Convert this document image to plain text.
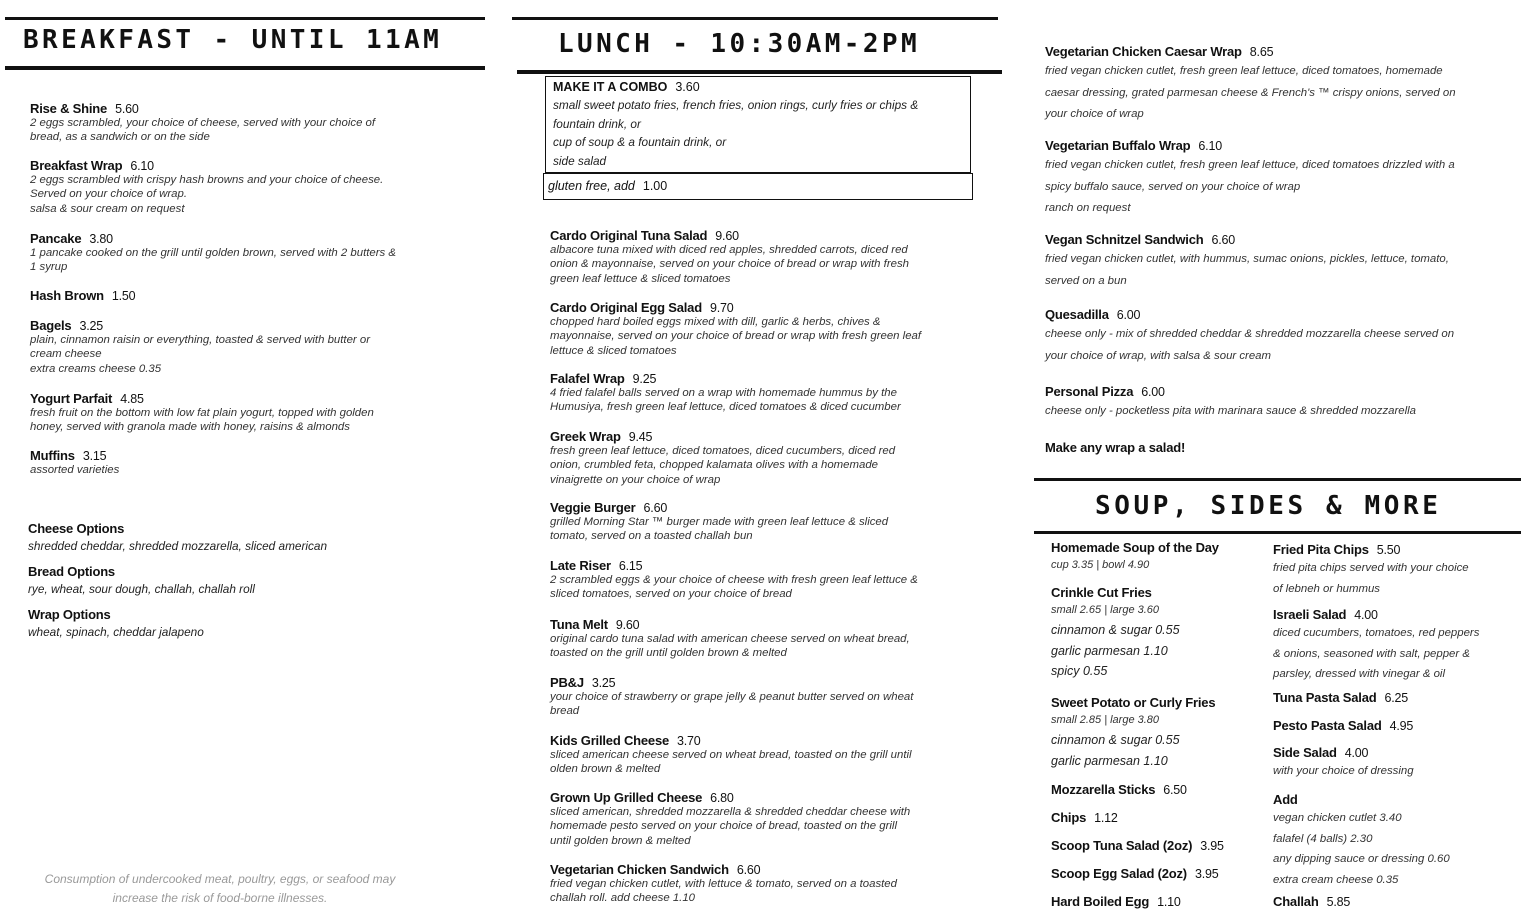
BREAKFAST - UNTIL 11AM
Rise & Shine 5.60
2 eggs scrambled, your choice of cheese, served with your choice of
bread, as a sandwich or on the side
Breakfast Wrap 6.10
2 eggs scrambled with crispy hash browns and your choice of cheese.
Served on your choice of wrap.
salsa & sour cream on request
Pancake 3.80
1 pancake cooked on the grill until golden brown, served with 2 butters &
1 syrup
Hash Brown 1.50
Bagels 3.25
plain, cinnamon raisin or everything, toasted & served with butter or
cream cheese
extra creams cheese 0.35
Yogurt Parfait 4.85
fresh fruit on the bottom with low fat plain yogurt, topped with golden
honey, served with granola made with honey, raisins & almonds
Muffins 3.15
assorted varieties
Cheese Options
shredded cheddar, shredded mozzarella, sliced american
Bread Options
rye, wheat, sour dough, challah, challah roll
Wrap Options
wheat, spinach, cheddar jalapeno
Consumption of undercooked meat, poultry, eggs, or seafood may
increase the risk of food-borne illnesses.
LUNCH - 10:30AM-2PM
MAKE IT A COMBO 3.60
small sweet potato fries, french fries, onion rings, curly fries or chips &
fountain drink, or
cup of soup & a fountain drink, or
side salad
gluten free, add 1.00
Cardo Original Tuna Salad 9.60
albacore tuna mixed with diced red apples, shredded carrots, diced red
onion & mayonnaise, served on your choice of bread or wrap with fresh
green leaf lettuce & sliced tomatoes
Cardo Original Egg Salad 9.70
chopped hard boiled eggs mixed with dill, garlic & herbs, chives &
mayonnaise, served on your choice of bread or wrap with fresh green leaf
lettuce & sliced tomatoes
Falafel Wrap 9.25
4 fried falafel balls served on a wrap with homemade hummus by the
Humusiya, fresh green leaf lettuce, diced tomatoes & diced cucumber
Greek Wrap 9.45
fresh green leaf lettuce, diced tomatoes, diced cucumbers, diced red
onion, crumbled feta, chopped kalamata olives with a homemade
vinaigrette on your choice of wrap
Veggie Burger 6.60
grilled Morning Star ™ burger made with green leaf lettuce & sliced
tomato, served on a toasted challah bun
Late Riser 6.15
2 scrambled eggs & your choice of cheese with fresh green leaf lettuce &
sliced tomatoes, served on your choice of bread
Tuna Melt 9.60
original cardo tuna salad with american cheese served on wheat bread,
toasted on the grill until golden brown & melted
PB&J 3.25
your choice of strawberry or grape jelly & peanut butter served on wheat
bread
Kids Grilled Cheese 3.70
sliced american cheese served on wheat bread, toasted on the grill until
olden brown & melted
Grown Up Grilled Cheese 6.80
sliced american, shredded mozzarella & shredded cheddar cheese with
homemade pesto served on your choice of bread, toasted on the grill
until golden brown & melted
Vegetarian Chicken Sandwich 6.60
fried vegan chicken cutlet, with lettuce & tomato, served on a toasted
challah roll. add cheese 1.10
Vegetarian Chicken Caesar Wrap 8.65
fried vegan chicken cutlet, fresh green leaf lettuce, diced tomatoes, homemade
caesar dressing, grated parmesan cheese & French's ™ crispy onions, served on
your choice of wrap
Vegetarian Buffalo Wrap 6.10
fried vegan chicken cutlet, fresh green leaf lettuce, diced tomatoes drizzled with a
spicy buffalo sauce, served on your choice of wrap
ranch on request
Vegan Schnitzel Sandwich 6.60
fried vegan chicken cutlet, with hummus, sumac onions, pickles, lettuce, tomato,
served on a bun
Quesadilla 6.00
cheese only - mix of shredded cheddar & shredded mozzarella cheese served on
your choice of wrap, with salsa & sour cream
Personal Pizza 6.00
cheese only - pocketless pita with marinara sauce & shredded mozzarella
Make any wrap a salad!
SOUP, SIDES & MORE
Homemade Soup of the Day
cup 3.35 | bowl 4.90
Crinkle Cut Fries
small 2.65 | large 3.60
cinnamon & sugar 0.55
garlic parmesan 1.10
spicy 0.55
Sweet Potato or Curly Fries
small 2.85 | large 3.80
cinnamon & sugar 0.55
garlic parmesan 1.10
Mozzarella Sticks 6.50
Chips 1.12
Scoop Tuna Salad (2oz) 3.95
Scoop Egg Salad (2oz) 3.95
Hard Boiled Egg 1.10
Fried Pita Chips 5.50
fried pita chips served with your choice
of lebneh or hummus
Israeli Salad 4.00
diced cucumbers, tomatoes, red peppers
& onions, seasoned with salt, pepper &
parsley, dressed with vinegar & oil
Tuna Pasta Salad 6.25
Pesto Pasta Salad 4.95
Side Salad 4.00
with your choice of dressing
Add
vegan chicken cutlet 3.40
falafel (4 balls) 2.30
any dipping sauce or dressing 0.60
extra cream cheese 0.35
Challah 5.85
